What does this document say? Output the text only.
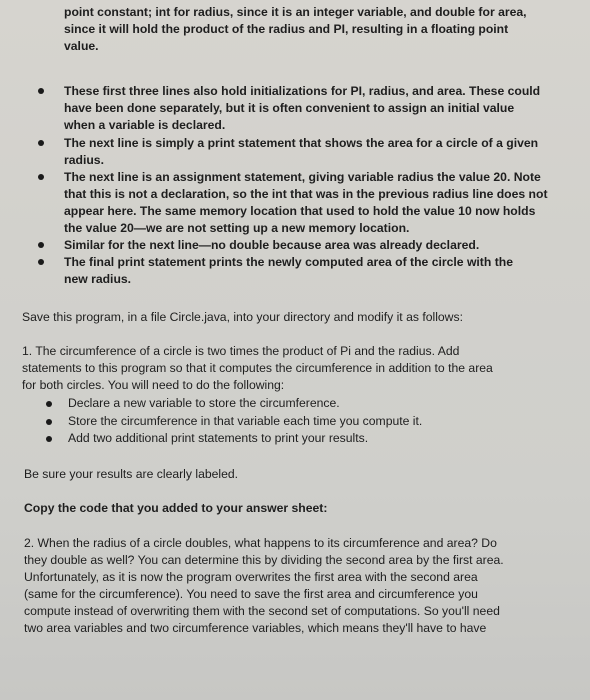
point constant; int for radius, since it is an integer variable, and double for area,
since it will hold the product of the radius and PI, resulting in a floating point
value.
These first three lines also hold initializations for PI, radius, and area. These could
have been done separately, but it is often convenient to assign an initial value
when a variable is declared.
The next line is simply a print statement that shows the area for a circle of a given
radius.
The next line is an assignment statement, giving variable radius the value 20. Note
that this is not a declaration, so the int that was in the previous radius line does not
appear here. The same memory location that used to hold the value 10 now holds
the value 20—we are not setting up a new memory location.
Similar for the next line—no double because area was already declared.
The final print statement prints the newly computed area of the circle with the
new radius.
Save this program, in a file Circle.java, into your directory and modify it as follows:
1. The circumference of a circle is two times the product of Pi and the radius. Add
statements to this program so that it computes the circumference in addition to the area
for both circles. You will need to do the following:
Declare a new variable to store the circumference.
Store the circumference in that variable each time you compute it.
Add two additional print statements to print your results.
Be sure your results are clearly labeled.
Copy the code that you added to your answer sheet:
2. When the radius of a circle doubles, what happens to its circumference and area? Do
they double as well? You can determine this by dividing the second area by the first area.
Unfortunately, as it is now the program overwrites the first area with the second area
(same for the circumference). You need to save the first area and circumference you
compute instead of overwriting them with the second set of computations. So you'll need
two area variables and two circumference variables, which means they'll have to have
